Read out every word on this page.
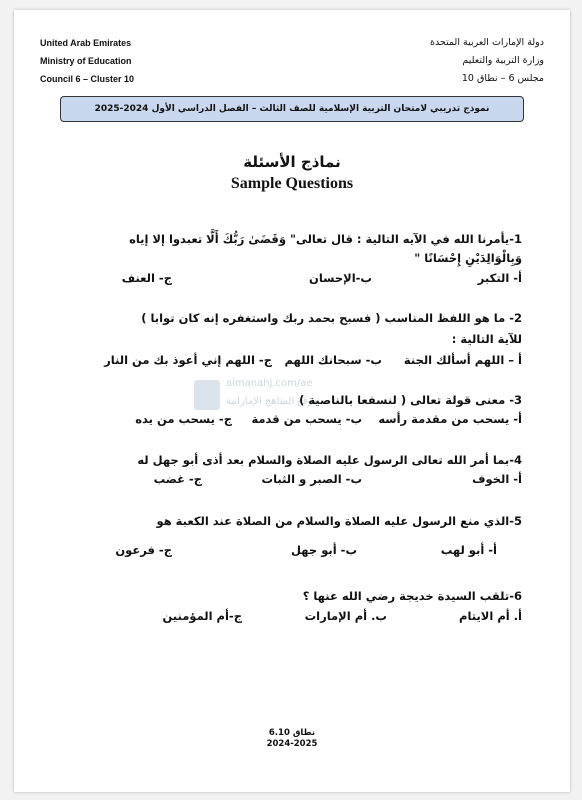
United Arab Emirates
Ministry of Education
Council 6 – Cluster 10
دولة الإمارات العربية المتحدة
وزارة التربية والتعليم
مجلس 6 – نطاق 10
نموذج تدريبي لامتحان التربية الإسلامية للصف الثالث – الفصل الدراسي الأول 2024-2025
نماذج الأسئلة
Sample Questions
1-يأمرنا الله في الآيه التالية : قال تعالى" وَقَضَىٰ رَبُّكَ أَلَّا تعبدوا إلا إياه
وَبِالْوَالِدَيْنِ إِحْسَانًا "
أ- التكبر
ب-الإحسان
ج- العنف
2- ما هو اللفظ المناسب ( فسبح بحمد ربك واستغفره إنه كان توابا )
للآية التالية :
أ – اللهم أسألك الجنة
ب- سبحانك اللهم
ج- اللهم إني أعوذ بك من النار
almanahj.com/ae
موقع المناهج الإماراتية
3- معنى قولة تعالى ( لنسفعا بالناصية )
أ- يسحب من مقدمة رأسه
ب- يسحب من قدمة
ج- يسحب من يده
4-بما أمر الله تعالى الرسول عليه الصلاة والسلام بعد أذى أبو جهل له
أ- الخوف
ب- الصبر و الثبات
ج- غضب
5-الذي منع الرسول عليه الصلاة والسلام من الصلاة عند الكعبة هو
أ- أبو لهب
ب- أبو جهل
ج- فرعون
6-تلقب السيدة خديجة رضي الله عنها ؟
أ. أم الايتام
ب. أم الإمارات
ج-أم المؤمنين
نطاق 6.10
2024-2025
